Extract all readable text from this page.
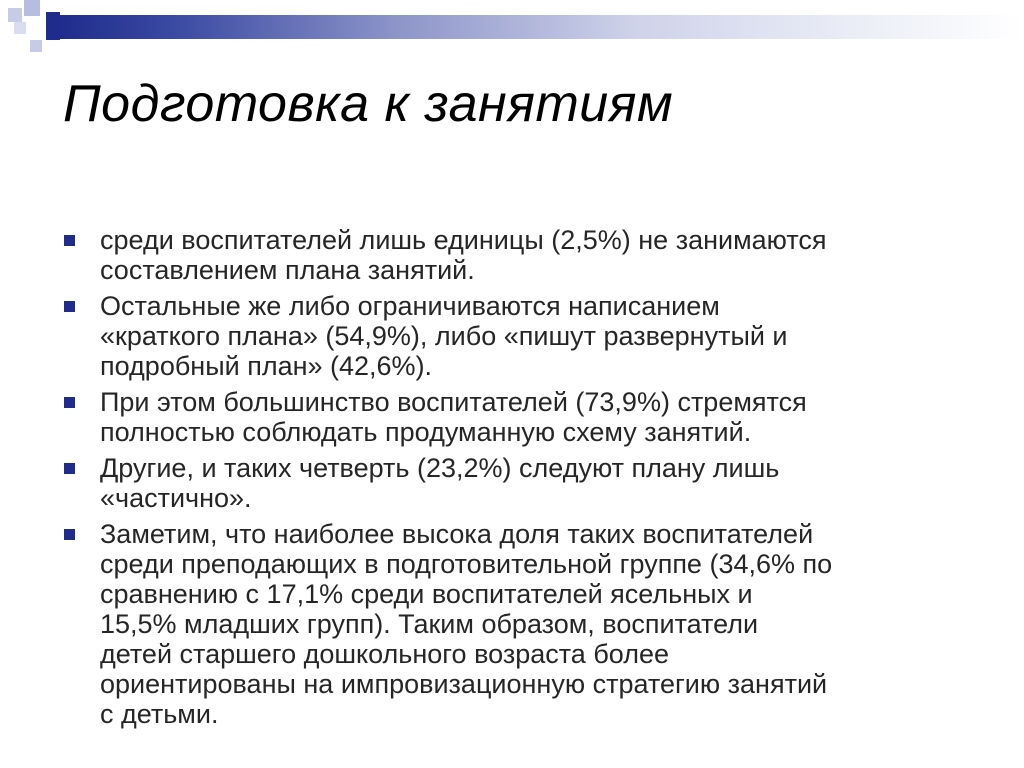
Подготовка к занятиям
среди воспитателей лишь единицы (2,5%) не занимаются
составлением плана занятий.
Остальные же либо ограничиваются написанием
«краткого плана» (54,9%), либо «пишут развернутый и
подробный план» (42,6%).
При этом большинство воспитателей (73,9%) стремятся
полностью соблюдать продуманную схему занятий.
Другие, и таких четверть (23,2%) следуют плану лишь
«частично».
Заметим, что наиболее высока доля таких воспитателей
среди преподающих в подготовительной группе (34,6% по
сравнению с 17,1% среди воспитателей ясельных и
15,5% младших групп). Таким образом, воспитатели
детей старшего дошкольного возраста более
ориентированы на импровизационную стратегию занятий
с детьми.
